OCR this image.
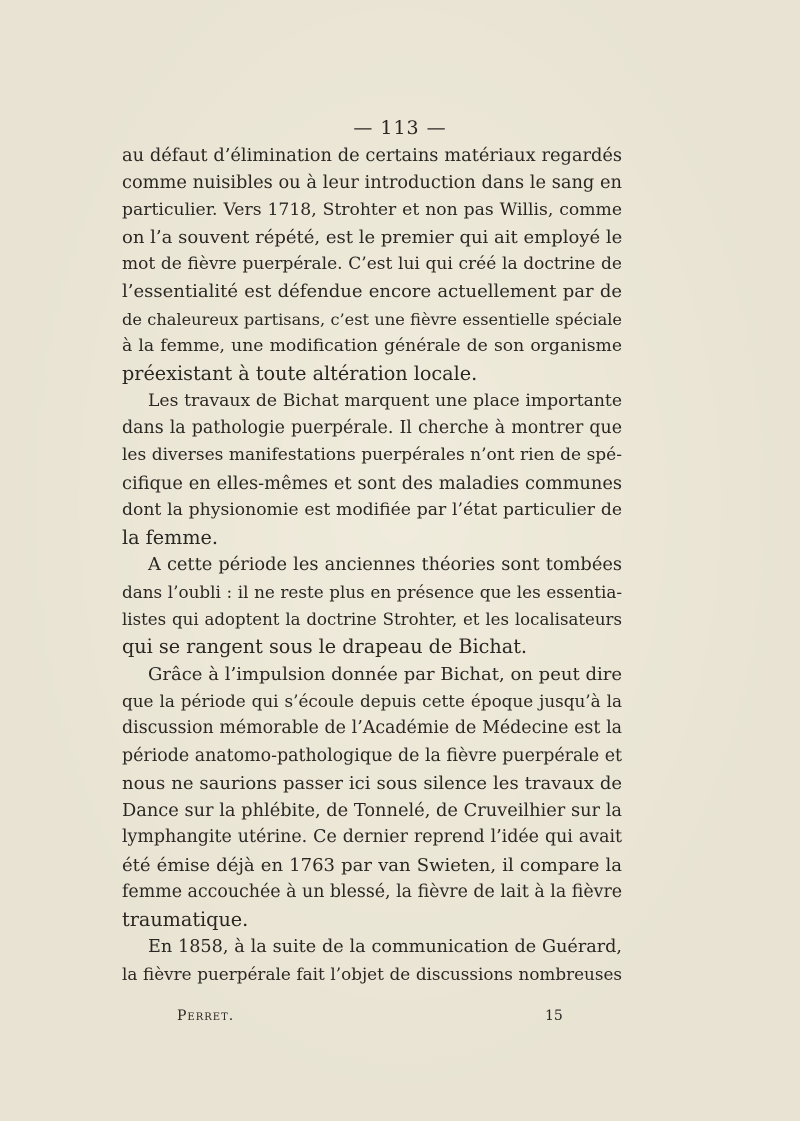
— 113 —
au défaut d’élimination de certains matériaux regardés
comme nuisibles ou à leur introduction dans le sang en
particulier. Vers 1718, Strohter et non pas Willis, comme
on l’a souvent répété, est le premier qui ait employé le
mot de fièvre puerpérale. C’est lui qui créé la doctrine de
l’essentialité est défendue encore actuellement par de
de chaleureux partisans, c’est une fièvre essentielle spéciale
à la femme, une modification générale de son organisme
préexistant à toute altération locale.
Les travaux de Bichat marquent une place importante
dans la pathologie puerpérale. Il cherche à montrer que
les diverses manifestations puerpérales n’ont rien de spé-
cifique en elles-mêmes et sont des maladies communes
dont la physionomie est modifiée par l’état particulier de
la femme.
A cette période les anciennes théories sont tombées
dans l’oubli : il ne reste plus en présence que les essentia-
listes qui adoptent la doctrine Strohter, et les localisateurs
qui se rangent sous le drapeau de Bichat.
Grâce à l’impulsion donnée par Bichat, on peut dire
que la période qui s’écoule depuis cette époque jusqu’à la
discussion mémorable de l’Académie de Médecine est la
période anatomo-pathologique de la fièvre puerpérale et
nous ne saurions passer ici sous silence les travaux de
Dance sur la phlébite, de Tonnelé, de Cruveilhier sur la
lymphangite utérine. Ce dernier reprend l’idée qui avait
été émise déjà en 1763 par van Swieten, il compare la
femme accouchée à un blessé, la fièvre de lait à la fièvre
traumatique.
En 1858, à la suite de la communication de Guérard,
la fièvre puerpérale fait l’objet de discussions nombreuses
Perret.	15
